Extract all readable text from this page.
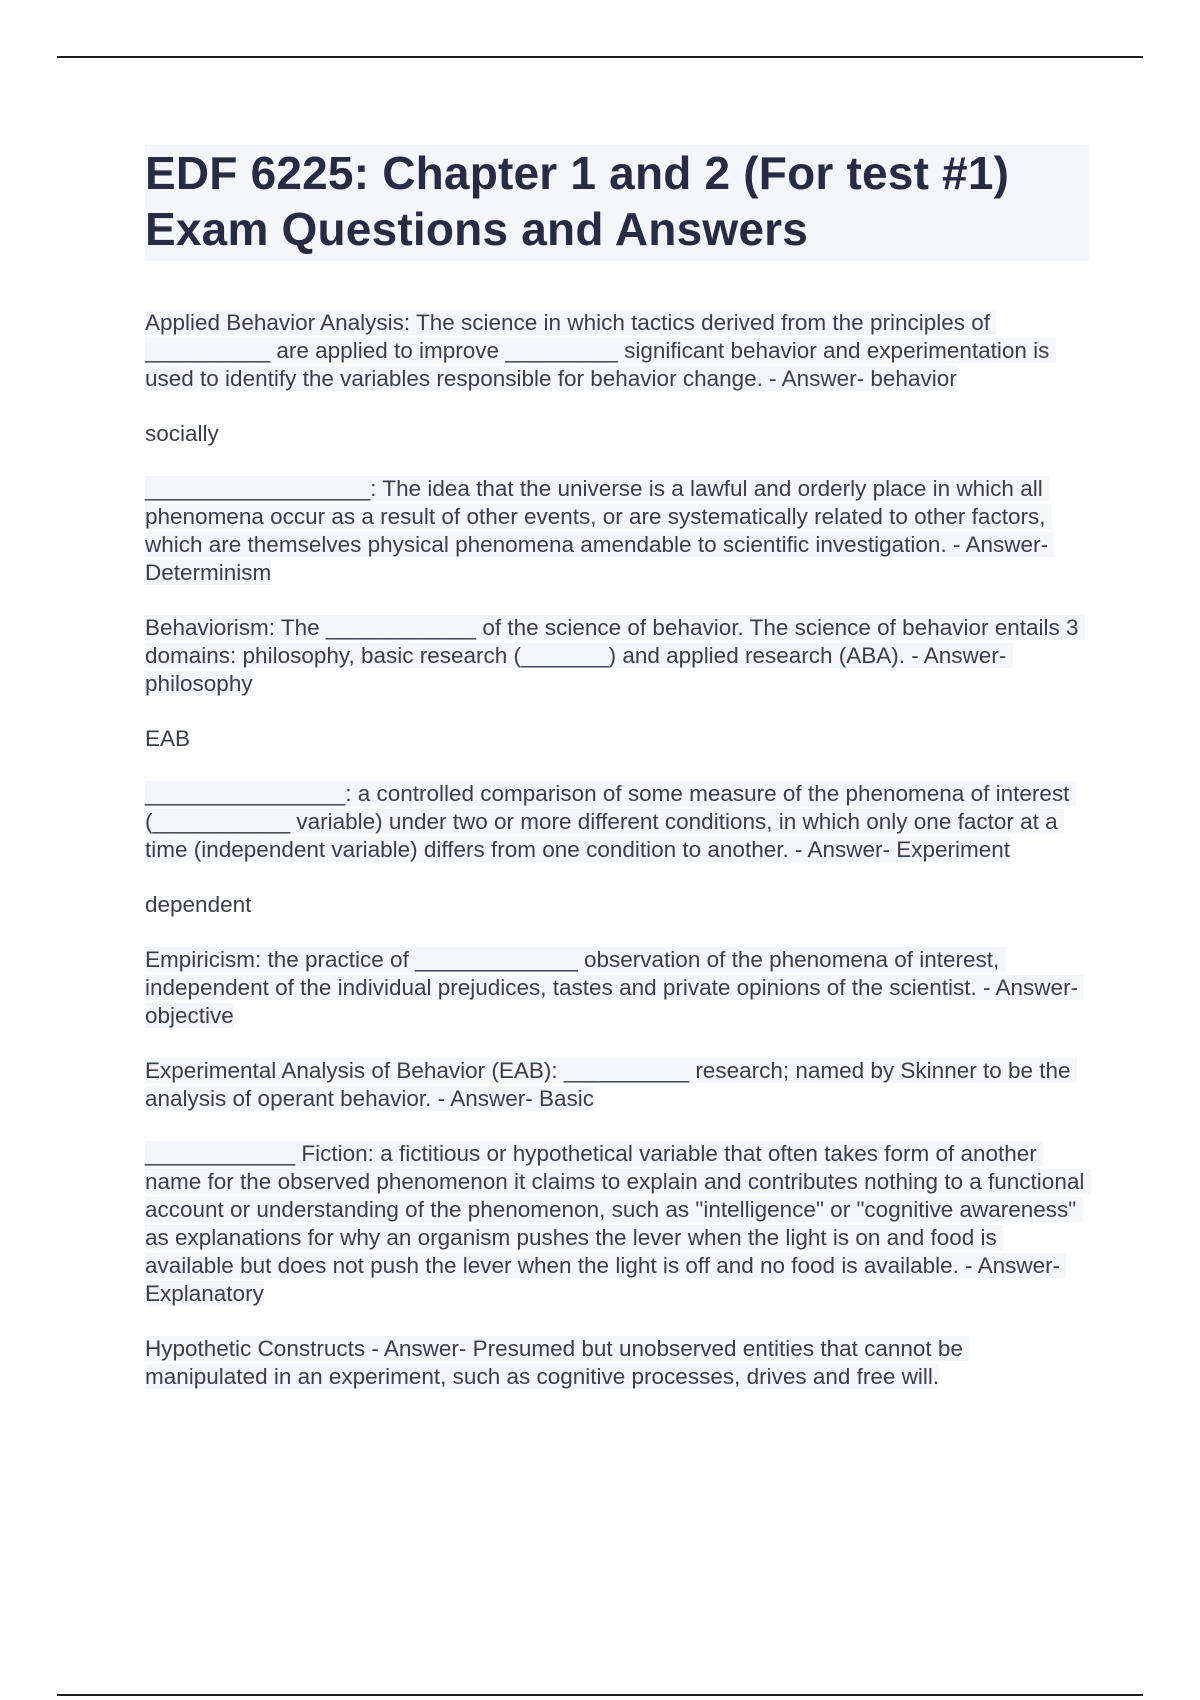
EDF 6225: Chapter 1 and 2 (For test #1)
Exam Questions and Answers
Applied Behavior Analysis: The science in which tactics derived from the principles of __________ are applied to improve _________ significant behavior and experimentation is used to identify the variables responsible for behavior change. - Answer- behavior
socially
__________________: The idea that the universe is a lawful and orderly place in which all phenomena occur as a result of other events, or are systematically related to other factors, which are themselves physical phenomena amendable to scientific investigation. - Answer- Determinism
Behaviorism: The ____________ of the science of behavior. The science of behavior entails 3 domains: philosophy, basic research (_______) and applied research (ABA). - Answer- philosophy
EAB
________________: a controlled comparison of some measure of the phenomena of interest (___________ variable) under two or more different conditions, in which only one factor at a time (independent variable) differs from one condition to another. - Answer- Experiment
dependent
Empiricism: the practice of _____________ observation of the phenomena of interest, independent of the individual prejudices, tastes and private opinions of the scientist. - Answer- objective
Experimental Analysis of Behavior (EAB): __________ research; named by Skinner to be the analysis of operant behavior. - Answer- Basic
____________ Fiction: a fictitious or hypothetical variable that often takes form of another name for the observed phenomenon it claims to explain and contributes nothing to a functional account or understanding of the phenomenon, such as "intelligence" or "cognitive awareness" as explanations for why an organism pushes the lever when the light is on and food is available but does not push the lever when the light is off and no food is available. - Answer- Explanatory
Hypothetic Constructs - Answer- Presumed but unobserved entities that cannot be manipulated in an experiment, such as cognitive processes, drives and free will.
